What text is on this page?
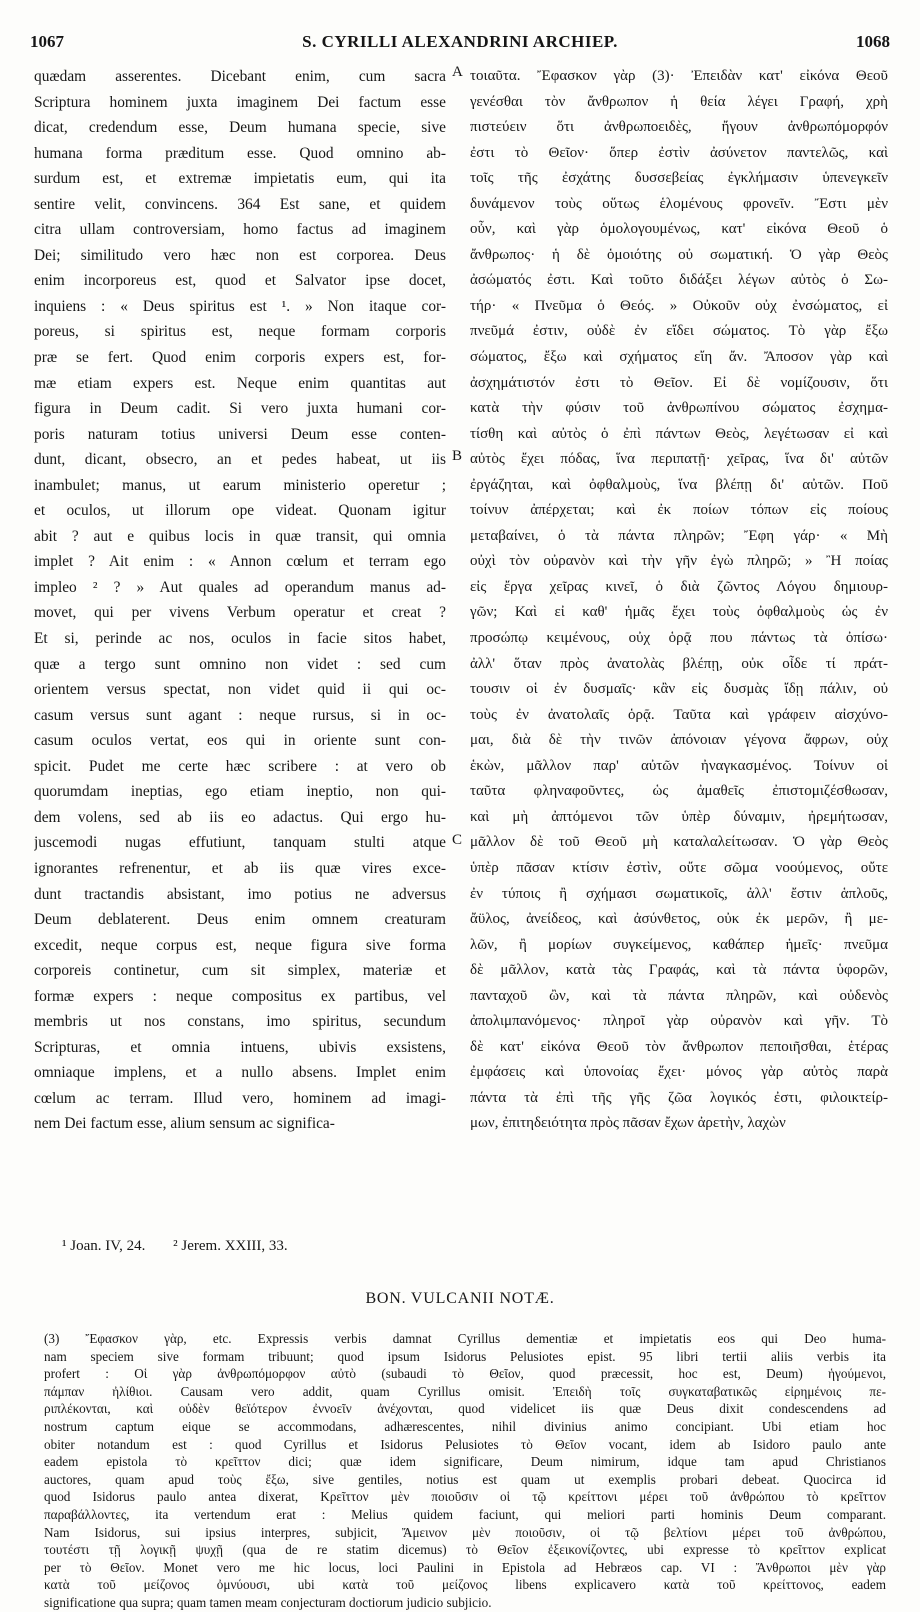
1067	S. CYRILLI ALEXANDRINI ARCHIEP.	1068
quædam asserentes. Dicebant enim, cum sacra
Scriptura hominem juxta imaginem Dei factum esse
dicat, credendum esse, Deum humana specie, sive
humana forma præditum esse. Quod omnino ab-
surdum est, et extremæ impietatis eum, qui ita
sentire velit, convincens. 364 Est sane, et quidem
citra ullam controversiam, homo factus ad imaginem
Dei; similitudo vero hæc non est corporea. Deus
enim incorporeus est, quod et Salvator ipse docet,
inquiens : « Deus spiritus est ¹. » Non itaque cor-
poreus, si spiritus est, neque formam corporis
præ se fert. Quod enim corporis expers est, for-
mæ etiam expers est. Neque enim quantitas aut
figura in Deum cadit. Si vero juxta humani cor-
poris naturam totius universi Deum esse conten-
dunt, dicant, obsecro, an et pedes habeat, ut iis
inambulet; manus, ut earum ministerio operetur ;
et oculos, ut illorum ope videat. Quonam igitur
abit ? aut e quibus locis in quæ transit, qui omnia
implet ? Ait enim : « Annon cœlum et terram ego
impleo ² ? » Aut quales ad operandum manus ad-
movet, qui per vivens Verbum operatur et creat ?
Et si, perinde ac nos, oculos in facie sitos habet,
quæ a tergo sunt omnino non videt : sed cum
orientem versus spectat, non videt quid ii qui oc-
casum versus sunt agant : neque rursus, si in oc-
casum oculos vertat, eos qui in oriente sunt con-
spicit. Pudet me certe hæc scribere : at vero ob
quorumdam ineptias, ego etiam ineptio, non qui-
dem volens, sed ab iis eo adactus. Qui ergo hu-
juscemodi nugas effutiunt, tanquam stulti atque
ignorantes refrenentur, et ab iis quæ vires exce-
dunt tractandis absistant, imo potius ne adversus
Deum deblaterent. Deus enim omnem creaturam
excedit, neque corpus est, neque figura sive forma
corporeis continetur, cum sit simplex, materiæ et
formæ expers : neque compositus ex partibus, vel
membris ut nos constans, imo spiritus, secundum
Scripturas, et omnia intuens, ubivis exsistens,
omniaque implens, et a nullo absens. Implet enim
cœlum ac terram. Illud vero, hominem ad imagi-
nem Dei factum esse, alium sensum ac significa-
τοιαῦτα. Ἔφασκον γὰρ (3)· Ἐπειδὰν κατ' εἰκόνα Θεοῦ
γενέσθαι τὸν ἄνθρωπον ἡ θεία λέγει Γραφή, χρὴ
πιστεύειν ὅτι ἀνθρωποειδὲς, ἤγουν ἀνθρωπόμορφόν
ἐστι τὸ Θεῖον· ὅπερ ἐστὶν ἀσύνετον παντελῶς, καὶ
τοῖς τῆς ἐσχάτης δυσσεβείας ἐγκλήμασιν ὑπενεγκεῖν
δυνάμενον τοὺς οὕτως ἑλομένους φρονεῖν. Ἔστι μὲν
οὖν, καὶ γὰρ ὁμολογουμένως, κατ' εἰκόνα Θεοῦ ὁ
ἄνθρωπος· ἡ δὲ ὁμοιότης οὐ σωματική. Ὁ γὰρ Θεὸς
ἀσώματός ἐστι. Καὶ τοῦτο διδάξει λέγων αὐτὸς ὁ Σω-
τήρ· « Πνεῦμα ὁ Θεός. » Οὐκοῦν οὐχ ἐνσώματος, εἰ
πνεῦμά ἐστιν, οὐδὲ ἐν εἴδει σώματος. Τὸ γὰρ ἔξω
σώματος, ἔξω καὶ σχήματος εἴη ἄν. Ἄποσον γὰρ καὶ
ἀσχημάτιστόν ἐστι τὸ Θεῖον. Εἰ δὲ νομίζουσιν, ὅτι
κατὰ τὴν φύσιν τοῦ ἀνθρωπίνου σώματος ἐσχημα-
τίσθη καὶ αὐτὸς ὁ ἐπὶ πάντων Θεὸς, λεγέτωσαν εἰ καὶ
αὐτὸς ἔχει πόδας, ἵνα περιπατῇ· χεῖρας, ἵνα δι' αὐτῶν
ἐργάζηται, καὶ ὀφθαλμοὺς, ἵνα βλέπῃ δι' αὐτῶν. Ποῦ
τοίνυν ἀπέρχεται; καὶ ἐκ ποίων τόπων εἰς ποίους
μεταβαίνει, ὁ τὰ πάντα πληρῶν; Ἔφη γάρ· « Μὴ
οὐχὶ τὸν οὐρανὸν καὶ τὴν γῆν ἐγὼ πληρῶ; » Ἢ ποίας
εἰς ἔργα χεῖρας κινεῖ, ὁ διὰ ζῶντος Λόγου δημιουρ-
γῶν; Καὶ εἰ καθ' ἡμᾶς ἔχει τοὺς ὀφθαλμοὺς ὡς ἐν
προσώπῳ κειμένους, οὐχ ὁρᾷ που πάντως τὰ ὀπίσω·
ἀλλ' ὅταν πρὸς ἀνατολὰς βλέπῃ, οὐκ οἶδε τί πράτ-
τουσιν οἱ ἐν δυσμαῖς· κἂν εἰς δυσμὰς ἴδῃ πάλιν, οὐ
τοὺς ἐν ἀνατολαῖς ὁρᾷ. Ταῦτα καὶ γράφειν αἰσχύνο-
μαι, διὰ δὲ τὴν τινῶν ἀπόνοιαν γέγονα ἄφρων, οὐχ
ἑκὼν, μᾶλλον παρ' αὐτῶν ἠναγκασμένος. Τοίνυν οἱ
ταῦτα φληναφοῦντες, ὡς ἀμαθεῖς ἐπιστομιζέσθωσαν,
καὶ μὴ ἀπτόμενοι τῶν ὑπὲρ δύναμιν, ἠρεμήτωσαν,
μᾶλλον δὲ τοῦ Θεοῦ μὴ καταλαλείτωσαν. Ὁ γὰρ Θεὸς
ὑπὲρ πᾶσαν κτίσιν ἐστὶν, οὔτε σῶμα νοούμενος, οὔτε
ἐν τύποις ἢ σχήμασι σωματικοῖς, ἀλλ' ἔστιν ἁπλοῦς,
ἄϋλος, ἀνείδεος, καὶ ἀσύνθετος, οὐκ ἐκ μερῶν, ἢ με-
λῶν, ἢ μορίων συγκείμενος, καθάπερ ἡμεῖς· πνεῦμα
δὲ μᾶλλον, κατὰ τὰς Γραφάς, καὶ τὰ πάντα ὑφορῶν,
πανταχοῦ ὢν, καὶ τὰ πάντα πληρῶν, καὶ οὐδενὸς
ἀπολιμπανόμενος· πληροῖ γὰρ οὐρανὸν καὶ γῆν. Τὸ
δὲ κατ' εἰκόνα Θεοῦ τὸν ἄνθρωπον πεποιῆσθαι, ἑτέρας
ἐμφάσεις καὶ ὑπονοίας ἔχει· μόνος γὰρ αὐτὸς παρὰ
πάντα τὰ ἐπὶ τῆς γῆς ζῶα λογικός ἐστι, φιλοικτείρ-
μων, ἐπιτηδειότητα πρὸς πᾶσαν ἔχων ἀρετὴν, λαχὼν
A
B
C
¹ Joan. IV, 24. ² Jerem. XXIII, 33.
BON. VULCANII NOTÆ.
(3) Ἔφασκον γὰρ, etc. Expressis verbis damnat Cyrillus dementiæ et impietatis eos qui Deo huma-
nam speciem sive formam tribuunt; quod ipsum Isidorus Pelusiotes epist. 95 libri tertii aliis verbis ita
profert : Οἱ γὰρ ἀνθρωπόμορφον αὐτὸ (subaudi τὸ Θεῖον, quod præcessit, hoc est, Deum) ἡγούμενοι,
πάμπαν ἠλίθιοι. Causam vero addit, quam Cyrillus omisit. Ἐπειδὴ τοῖς συγκαταβατικῶς εἰρημένοις πε-
ριπλέκονται, καὶ οὐδὲν θεϊότερον ἐννοεῖν ἀνέχονται, quod videlicet iis quæ Deus dixit condescendens ad
nostrum captum eique se accommodans, adhærescentes, nihil divinius animo concipiant. Ubi etiam hoc
obiter notandum est : quod Cyrillus et Isidorus Pelusiotes τὸ Θεῖον vocant, idem ab Isidoro paulo ante
eadem epistola τὸ κρεῖττον dici; quæ idem significare, Deum nimirum, idque tam apud Christianos
auctores, quam apud τοὺς ἔξω, sive gentiles, notius est quam ut exemplis probari debeat. Quocirca id
quod Isidorus paulo antea dixerat, Κρεῖττον μὲν ποιοῦσιν οἱ τῷ κρείττονι μέρει τοῦ ἀνθρώπου τὸ κρεῖττον
παραβάλλοντες, ita vertendum erat : Melius quidem faciunt, qui meliori parti hominis Deum comparant.
Nam Isidorus, sui ipsius interpres, subjicit, Ἄμεινον μὲν ποιοῦσιν, οἱ τῷ βελτίονι μέρει τοῦ ἀνθρώπου,
τουτέστι τῇ λογικῇ ψυχῇ (qua de re statim dicemus) τὸ Θεῖον ἐξεικονίζοντες, ubi expresse τὸ κρεῖττον explicat
per τὸ Θεῖον. Monet vero me hic locus, loci Paulini in Epistola ad Hebræos cap. VI : Ἄνθρωποι μὲν γὰρ
κατὰ τοῦ μείζονος ὀμνύουσι, ubi κατὰ τοῦ μείζονος libens explicavero κατὰ τοῦ κρείττονος, eadem
significatione qua supra; quam tamen meam conjecturam doctiorum judicio subjicio.
